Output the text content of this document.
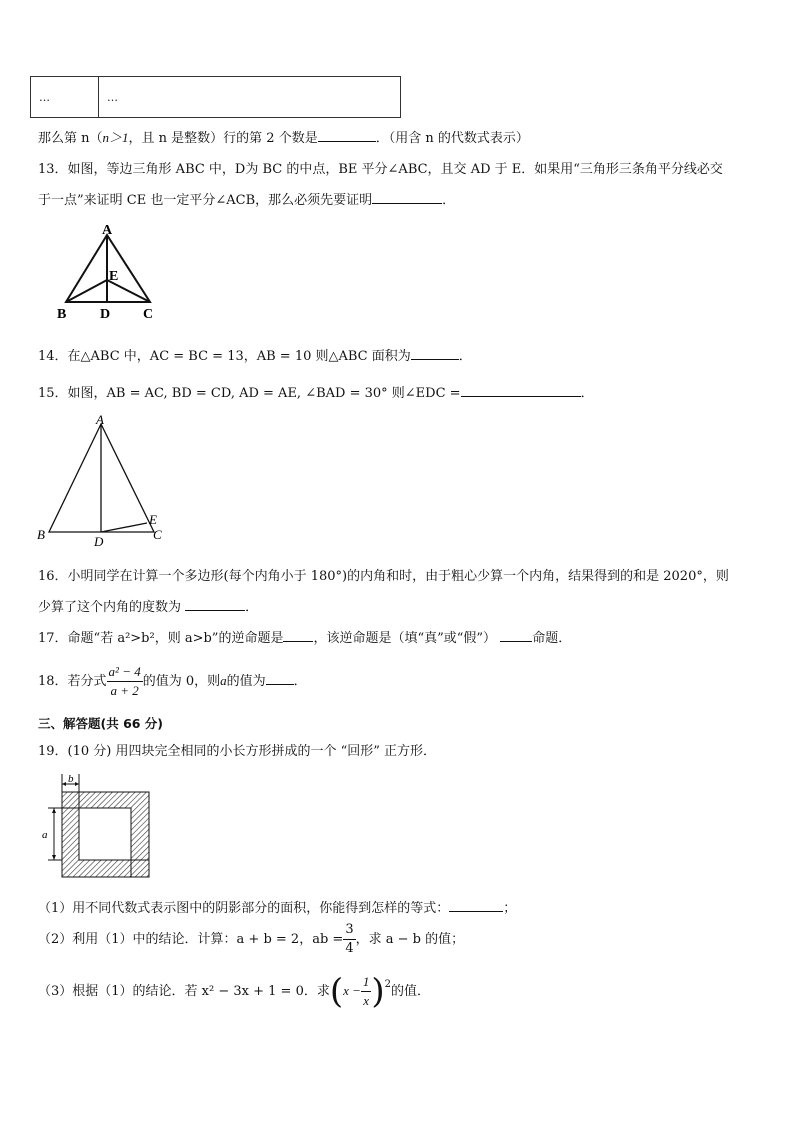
…	…
那么第 n（n＞1，且 n 是整数）行的第 2 个数是	．（用含 n 的代数式表示）
13．如图，等边三角形 ABC 中，D为 BC 的中点，BE 平分∠ABC，且交 AD 于 E．如果用“三角形三条角平分线必交
于一点”来证明 CE 也一定平分∠ACB，那么必须先要证明	．
A
E
B D C
14．在△ABC 中，AC = BC = 13，AB = 10 则△ABC 面积为	．
15．如图，AB = AC, BD = CD, AD = AE, ∠BAD = 30° 则∠EDC =	．
A
B	D
E
C
16．小明同学在计算一个多边形(每个内角小于 180°)的内角和时，由于粗心少算一个内角，结果得到的和是 2020°，则
少算了这个内角的度数为	．
17．命题“若 a²>b²，则 a>b”的逆命题是 ，该逆命题是（填“真”或“假”）	命题．
18．若分式 $\frac{\text{a² − 4}}{a + 2}$ 的值为 0，则a的值为 ．
三、解答题(共 66 分)
19．(10 分) 用四块完全相同的小长方形拼成的一个 “回形” 正方形．
b
a
（1）用不同代数式表示图中的阴影部分的面积，你能得到怎样的等式：	；
（2）利用（1）中的结论．计算：a + b = 2，ab = $\frac{3}{4}$ ，求 a − b 的值；
（3）根据（1）的结论．若 x² − 3x + 1 = 0．求$(x - \frac{1}{x} )^2$的值．
